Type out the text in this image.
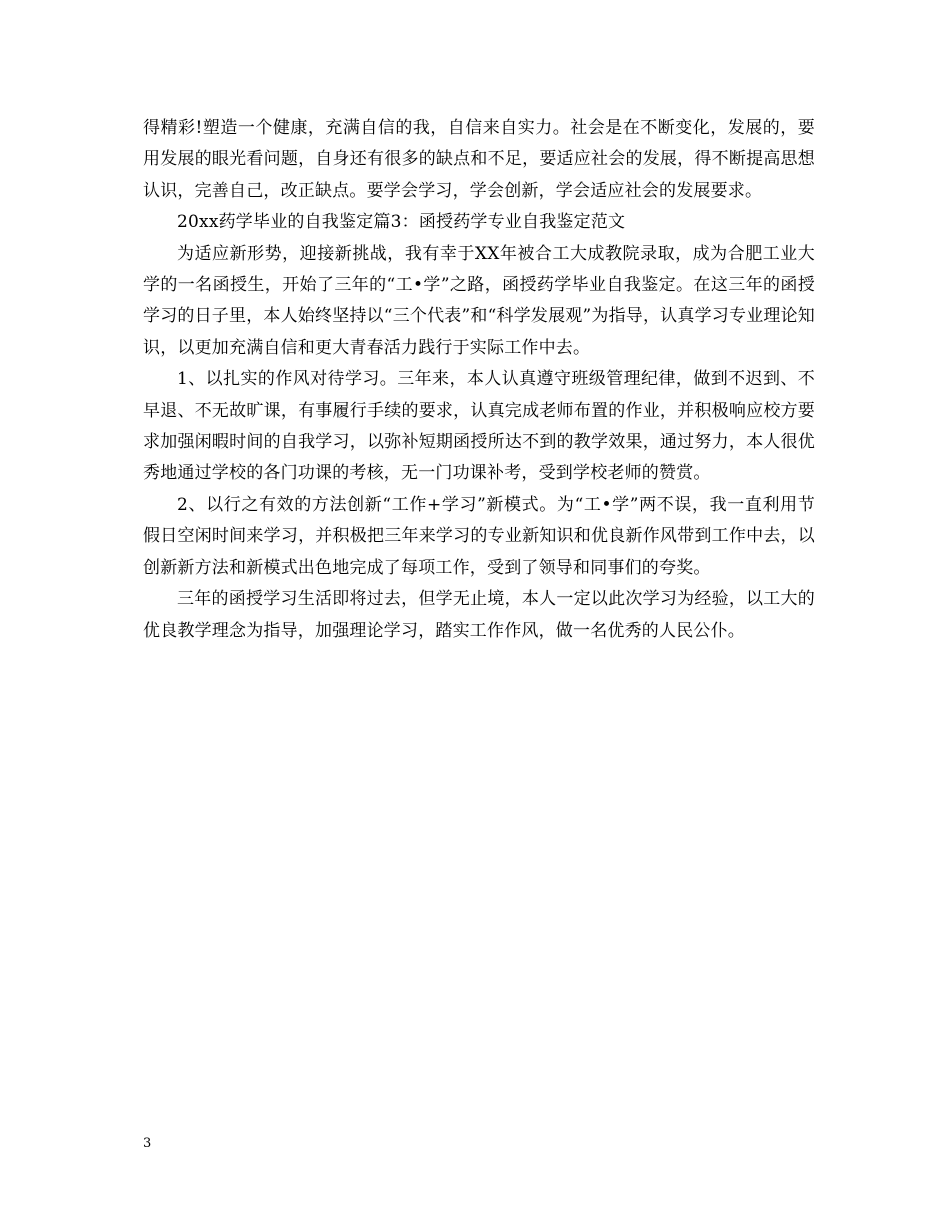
得精彩!塑造一个健康，充满自信的我，自信来自实力。社会是在不断变化，发展的，要用发展的眼光看问题，自身还有很多的缺点和不足，要适应社会的发展，得不断提高思想认识，完善自己，改正缺点。要学会学习，学会创新，学会适应社会的发展要求。

20xx药学毕业的自我鉴定篇3：函授药学专业自我鉴定范文

为适应新形势，迎接新挑战，我有幸于XX年被合工大成教院录取，成为合肥工业大学的一名函授生，开始了三年的“工•学”之路，函授药学毕业自我鉴定。在这三年的函授学习的日子里，本人始终坚持以“三个代表”和“科学发展观”为指导，认真学习专业理论知识，以更加充满自信和更大青春活力践行于实际工作中去。

1、以扎实的作风对待学习。三年来，本人认真遵守班级管理纪律，做到不迟到、不早退、不无故旷课，有事履行手续的要求，认真完成老师布置的作业，并积极响应校方要求加强闲暇时间的自我学习，以弥补短期函授所达不到的教学效果，通过努力，本人很优秀地通过学校的各门功课的考核，无一门功课补考，受到学校老师的赞赏。

2、以行之有效的方法创新“工作+学习”新模式。为“工•学”两不误，我一直利用节假日空闲时间来学习，并积极把三年来学习的专业新知识和优良新作风带到工作中去，以创新新方法和新模式出色地完成了每项工作，受到了领导和同事们的夸奖。

三年的函授学习生活即将过去，但学无止境，本人一定以此次学习为经验，以工大的优良教学理念为指导，加强理论学习，踏实工作作风，做一名优秀的人民公仆。

3
